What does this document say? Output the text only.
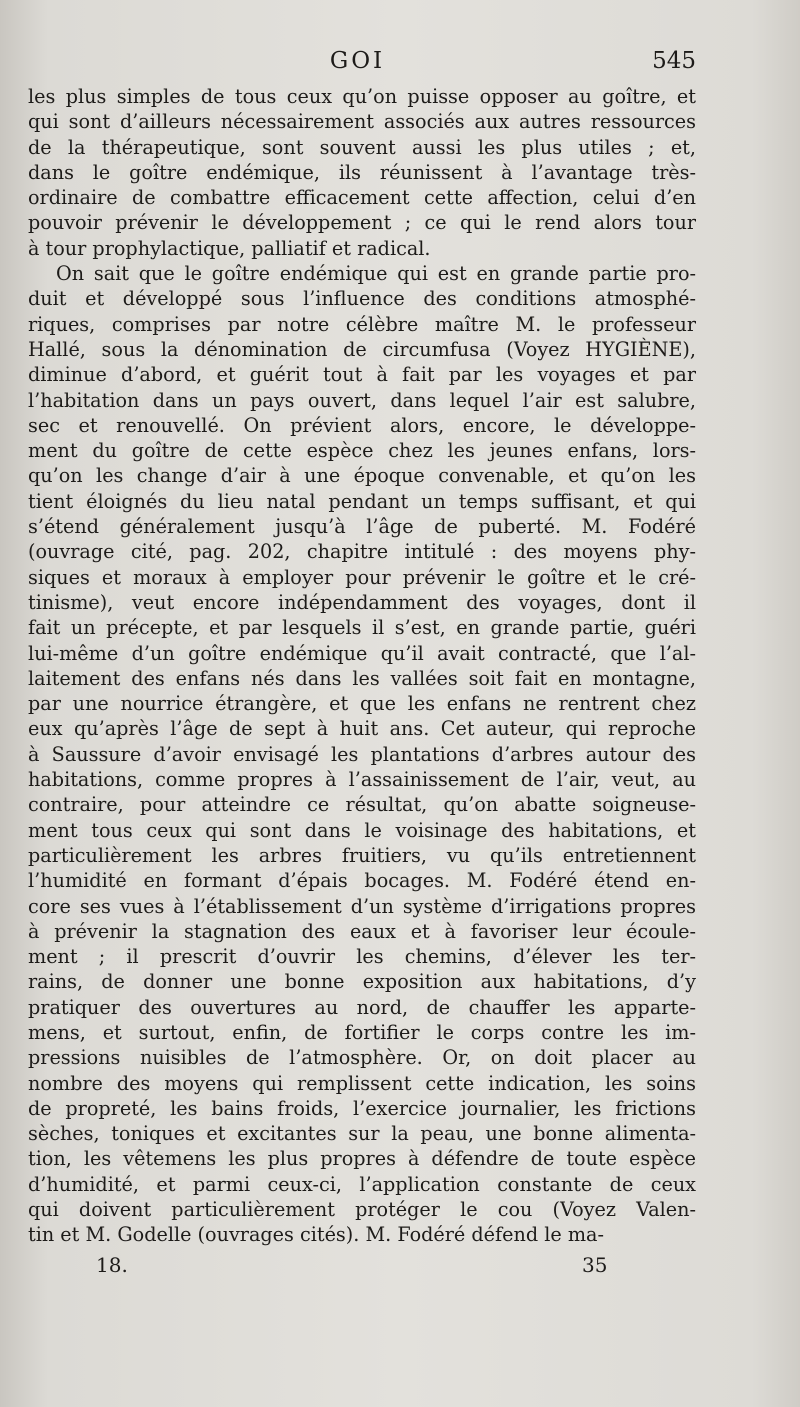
GOI	545
les plus simples de tous ceux qu’on puisse opposer au goître, et
qui sont d’ailleurs nécessairement associés aux autres ressources
de la thérapeutique, sont souvent aussi les plus utiles ; et,
dans le goître endémique, ils réunissent à l’avantage très-
ordinaire de combattre efficacement cette affection, celui d’en
pouvoir prévenir le développement ; ce qui le rend alors tour
à tour prophylactique, palliatif et radical.
On sait que le goître endémique qui est en grande partie pro-
duit et développé sous l’influence des conditions atmosphé-
riques, comprises par notre célèbre maître M. le professeur
Hallé, sous la dénomination de circumfusa (Voyez HYGIÈNE),
diminue d’abord, et guérit tout à fait par les voyages et par
l’habitation dans un pays ouvert, dans lequel l’air est salubre,
sec et renouvellé. On prévient alors, encore, le développe-
ment du goître de cette espèce chez les jeunes enfans, lors-
qu’on les change d’air à une époque convenable, et qu’on les
tient éloignés du lieu natal pendant un temps suffisant, et qui
s’étend généralement jusqu’à l’âge de puberté. M. Fodéré
(ouvrage cité, pag. 202, chapitre intitulé : des moyens phy-
siques et moraux à employer pour prévenir le goître et le cré-
tinisme), veut encore indépendamment des voyages, dont il
fait un précepte, et par lesquels il s’est, en grande partie, guéri
lui-même d’un goître endémique qu’il avait contracté, que l’al-
laitement des enfans nés dans les vallées soit fait en montagne,
par une nourrice étrangère, et que les enfans ne rentrent chez
eux qu’après l’âge de sept à huit ans. Cet auteur, qui reproche
à Saussure d’avoir envisagé les plantations d’arbres autour des
habitations, comme propres à l’assainissement de l’air, veut, au
contraire, pour atteindre ce résultat, qu’on abatte soigneuse-
ment tous ceux qui sont dans le voisinage des habitations, et
particulièrement les arbres fruitiers, vu qu’ils entretiennent
l’humidité en formant d’épais bocages. M. Fodéré étend en-
core ses vues à l’établissement d’un système d’irrigations propres
à prévenir la stagnation des eaux et à favoriser leur écoule-
ment ; il prescrit d’ouvrir les chemins, d’élever les ter-
rains, de donner une bonne exposition aux habitations, d’y
pratiquer des ouvertures au nord, de chauffer les apparte-
mens, et surtout, enfin, de fortifier le corps contre les im-
pressions nuisibles de l’atmosphère. Or, on doit placer au
nombre des moyens qui remplissent cette indication, les soins
de propreté, les bains froids, l’exercice journalier, les frictions
sèches, toniques et excitantes sur la peau, une bonne alimenta-
tion, les vêtemens les plus propres à défendre de toute espèce
d’humidité, et parmi ceux-ci, l’application constante de ceux
qui doivent particulièrement protéger le cou (Voyez Valen-
tin et M. Godelle (ouvrages cités). M. Fodéré défend le ma-
18.	35
